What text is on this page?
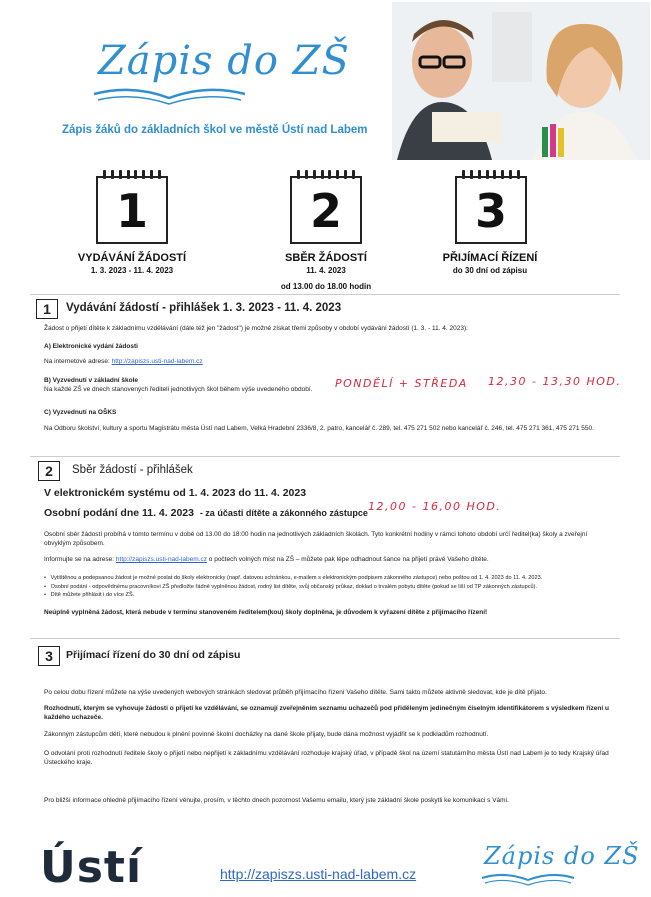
Zápis do ZŠ
Zápis žáků do základních škol ve městě Ústí nad Labem
1
VYDÁVÁNÍ ŽÁDOSTÍ
1. 3. 2023 - 11. 4. 2023
2
SBĚR ŽÁDOSTÍ
11. 4. 2023
od 13.00 do 18.00 hodin
3
PŘIJÍMACÍ ŘÍZENÍ
do 30 dní od zápisu
1	Vydávání žádostí - přihlášek 1. 3. 2023 - 11. 4. 2023
Žádost o přijetí dítěte k základnímu vzdělávání (dále též jen "žádost") je možné získat třemi způsoby v období vydávání žádostí (1. 3. - 11. 4. 2023):
A) Elektronické vydání žádosti
Na internetové adrese: http://zapiszs.usti-nad-labem.cz
B) Vyzvednutí v základní škole
Na každé ZŠ ve dnech stanovených řediteli jednotlivých škol během výše uvedeného období.	PONDĚLÍ + STŘEDA 12,30 - 13,30 HOD.
C) Vyzvednutí na OŠKS
Na Odboru školství, kultury a sportu Magistrátu města Ústí nad Labem, Velká Hradební 2336/8, 2. patro, kancelář č. 289, tel. 475 271 502 nebo kancelář č. 246, tel. 475 271 361, 475 271 550.
2	Sběr žádostí - přihlášek
V elektronickém systému od 1. 4. 2023 do 11. 4. 2023
Osobní podání dne 11. 4. 2023 - za účasti dítěte a zákonného zástupce 12,00 - 16,00 HOD.
Osobní sběr žádostí probíhá v tomto termínu v době od 13.00 do 18:00 hodin na jednotlivých základních školách. Tyto konkrétní hodiny v rámci tohoto období určí ředitel(ka) školy a zveřejní obvyklým způsobem.
Informujte se na adrese: http://zapiszs.usti-nad-labem.cz o počtech volných míst na ZŠ – můžete pak lépe odhadnout šance na přijetí právě Vašeho dítěte.
•   Vytištěnou a podepsanou žádost je možné poslat do školy elektronicky (např. datovou schránkou, e-mailem s elektronickým podpisem zákonného zástupce) nebo poštou od 1. 4. 2023 do 11. 4. 2023.
•   Osobní podání - odpovědnému pracovníkovi ZŠ předložte řádně vyplněnou žádost, rodný list dítěte, svůj občanský průkaz, doklad o trvalém pobytu dítěte (pokud se liší od TP zákonných zástupců).
•   Dítě můžete přihlásit i do více ZŠ.
Neúplně vyplněná žádost, která nebude v termínu stanoveném ředitelem(kou) školy doplněna, je důvodem k vyřazení dítěte z přijímacího řízení!
3	Přijímací řízení do 30 dní od zápisu
Po celou dobu řízení můžete na výše uvedených webových stránkách sledovat průběh přijímacího řízení Vašeho dítěte. Sami takto můžete aktivně sledovat, kde je dítě přijato.
Rozhodnutí, kterým se vyhovuje žádosti o přijetí ke vzdělávání, se oznamují zveřejněním seznamu uchazečů pod přiděleným jedinečným číselným identifikátorem s výsledkem řízení u každého uchazeče.
Zákonným zástupcům dětí, které nebudou k plnění povinné školní docházky na dané škole přijaty, bude dána možnost vyjádřit se k podkladům rozhodnutí.
O odvolání proti rozhodnutí ředitele školy o přijetí nebo nepřijetí k základnímu vzdělávání rozhoduje krajský úřad, v případě škol na území statutárního města Ústí nad Labem je to tedy Krajský úřad Ústeckého kraje.
Pro bližší informace ohledně přijímacího řízení věnujte, prosím, v těchto dnech pozornost Vašemu emailu, který jste základní škole poskytli ke komunikaci s Vámi.
Ústí	http://zapiszs.usti-nad-labem.cz
Zápis do ZŠ
